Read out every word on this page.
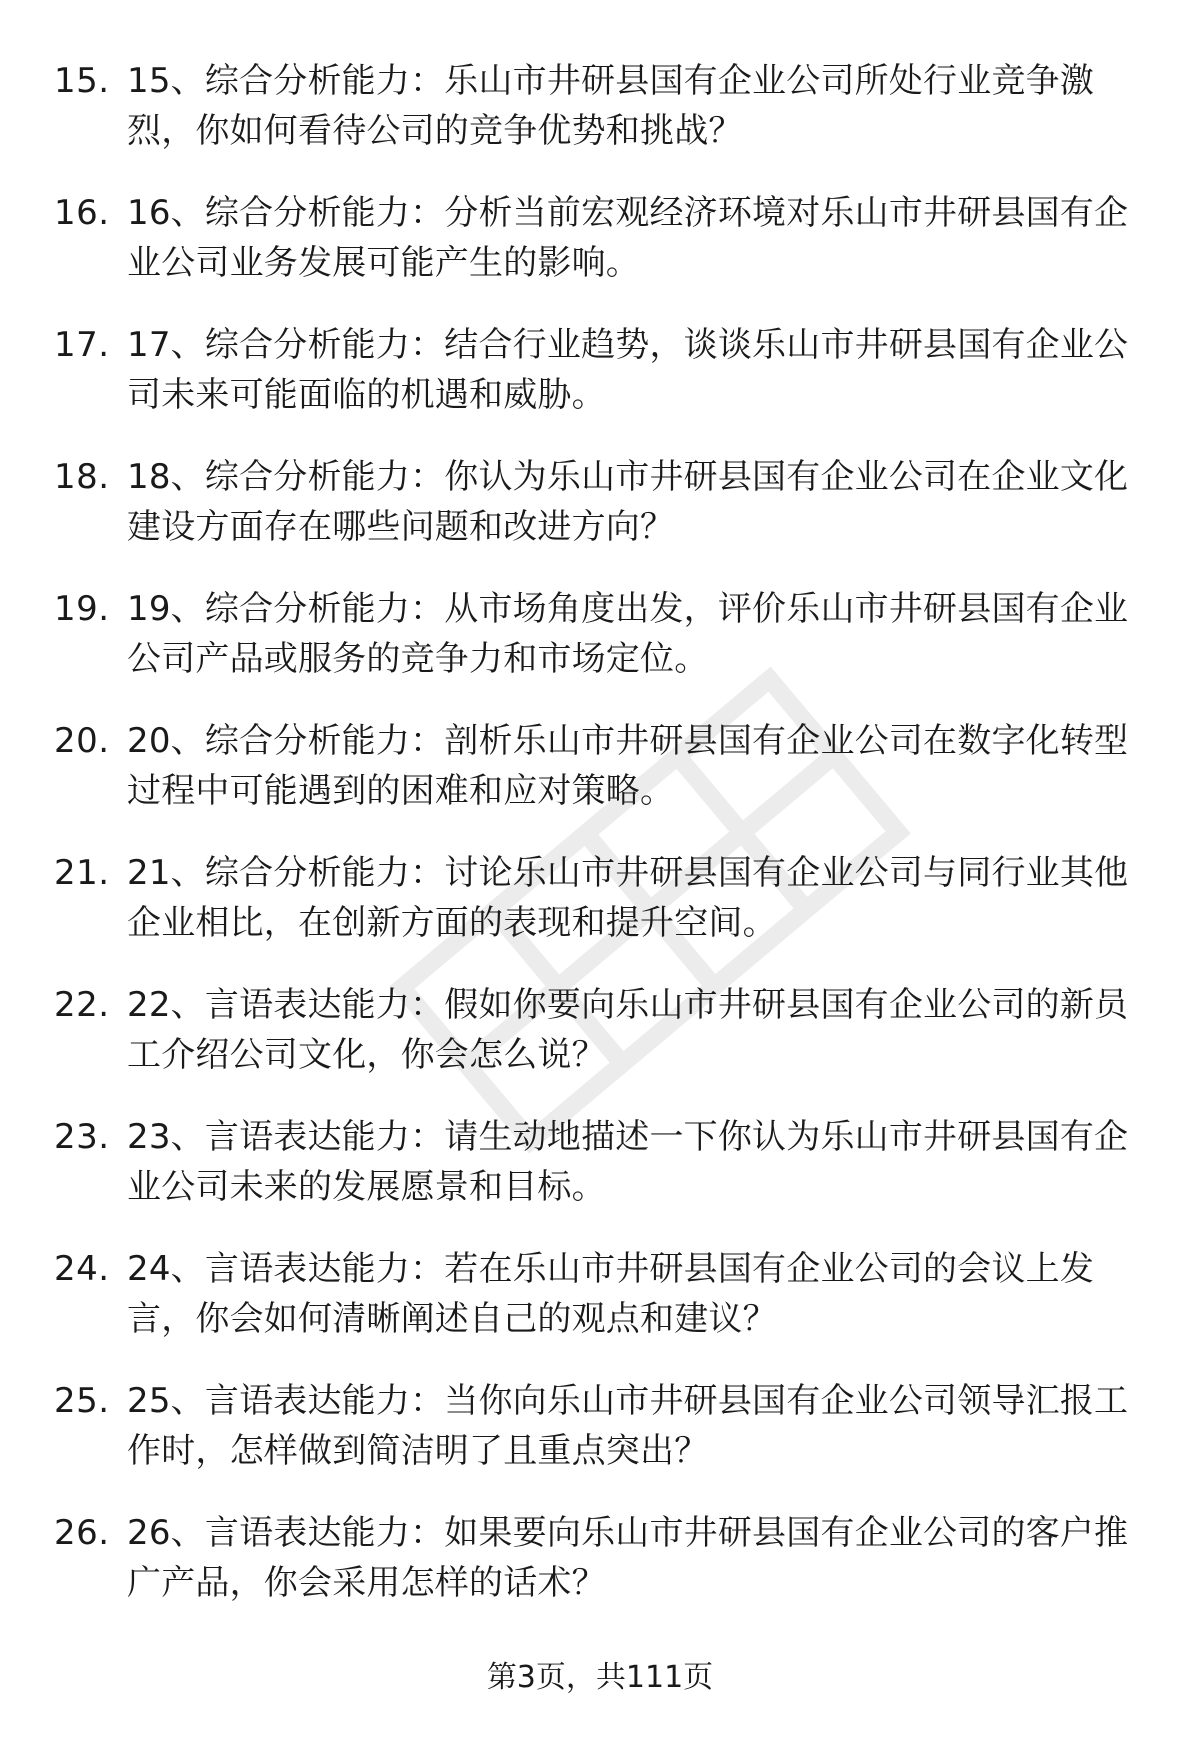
15. 15、综合分析能力：乐山市井研县国有企业公司所处行业竞争激烈，你如何看待公司的竞争优势和挑战？
16. 16、综合分析能力：分析当前宏观经济环境对乐山市井研县国有企业公司业务发展可能产生的影响。
17. 17、综合分析能力：结合行业趋势，谈谈乐山市井研县国有企业公司未来可能面临的机遇和威胁。
18. 18、综合分析能力：你认为乐山市井研县国有企业公司在企业文化建设方面存在哪些问题和改进方向？
19. 19、综合分析能力：从市场角度出发，评价乐山市井研县国有企业公司产品或服务的竞争力和市场定位。
20. 20、综合分析能力：剖析乐山市井研县国有企业公司在数字化转型过程中可能遇到的困难和应对策略。
21. 21、综合分析能力：讨论乐山市井研县国有企业公司与同行业其他企业相比，在创新方面的表现和提升空间。
22. 22、言语表达能力：假如你要向乐山市井研县国有企业公司的新员工介绍公司文化，你会怎么说？
23. 23、言语表达能力：请生动地描述一下你认为乐山市井研县国有企业公司未来的发展愿景和目标。
24. 24、言语表达能力：若在乐山市井研县国有企业公司的会议上发言，你会如何清晰阐述自己的观点和建议？
25. 25、言语表达能力：当你向乐山市井研县国有企业公司领导汇报工作时，怎样做到简洁明了且重点突出？
26. 26、言语表达能力：如果要向乐山市井研县国有企业公司的客户推广产品，你会采用怎样的话术？
第3页，共111页
